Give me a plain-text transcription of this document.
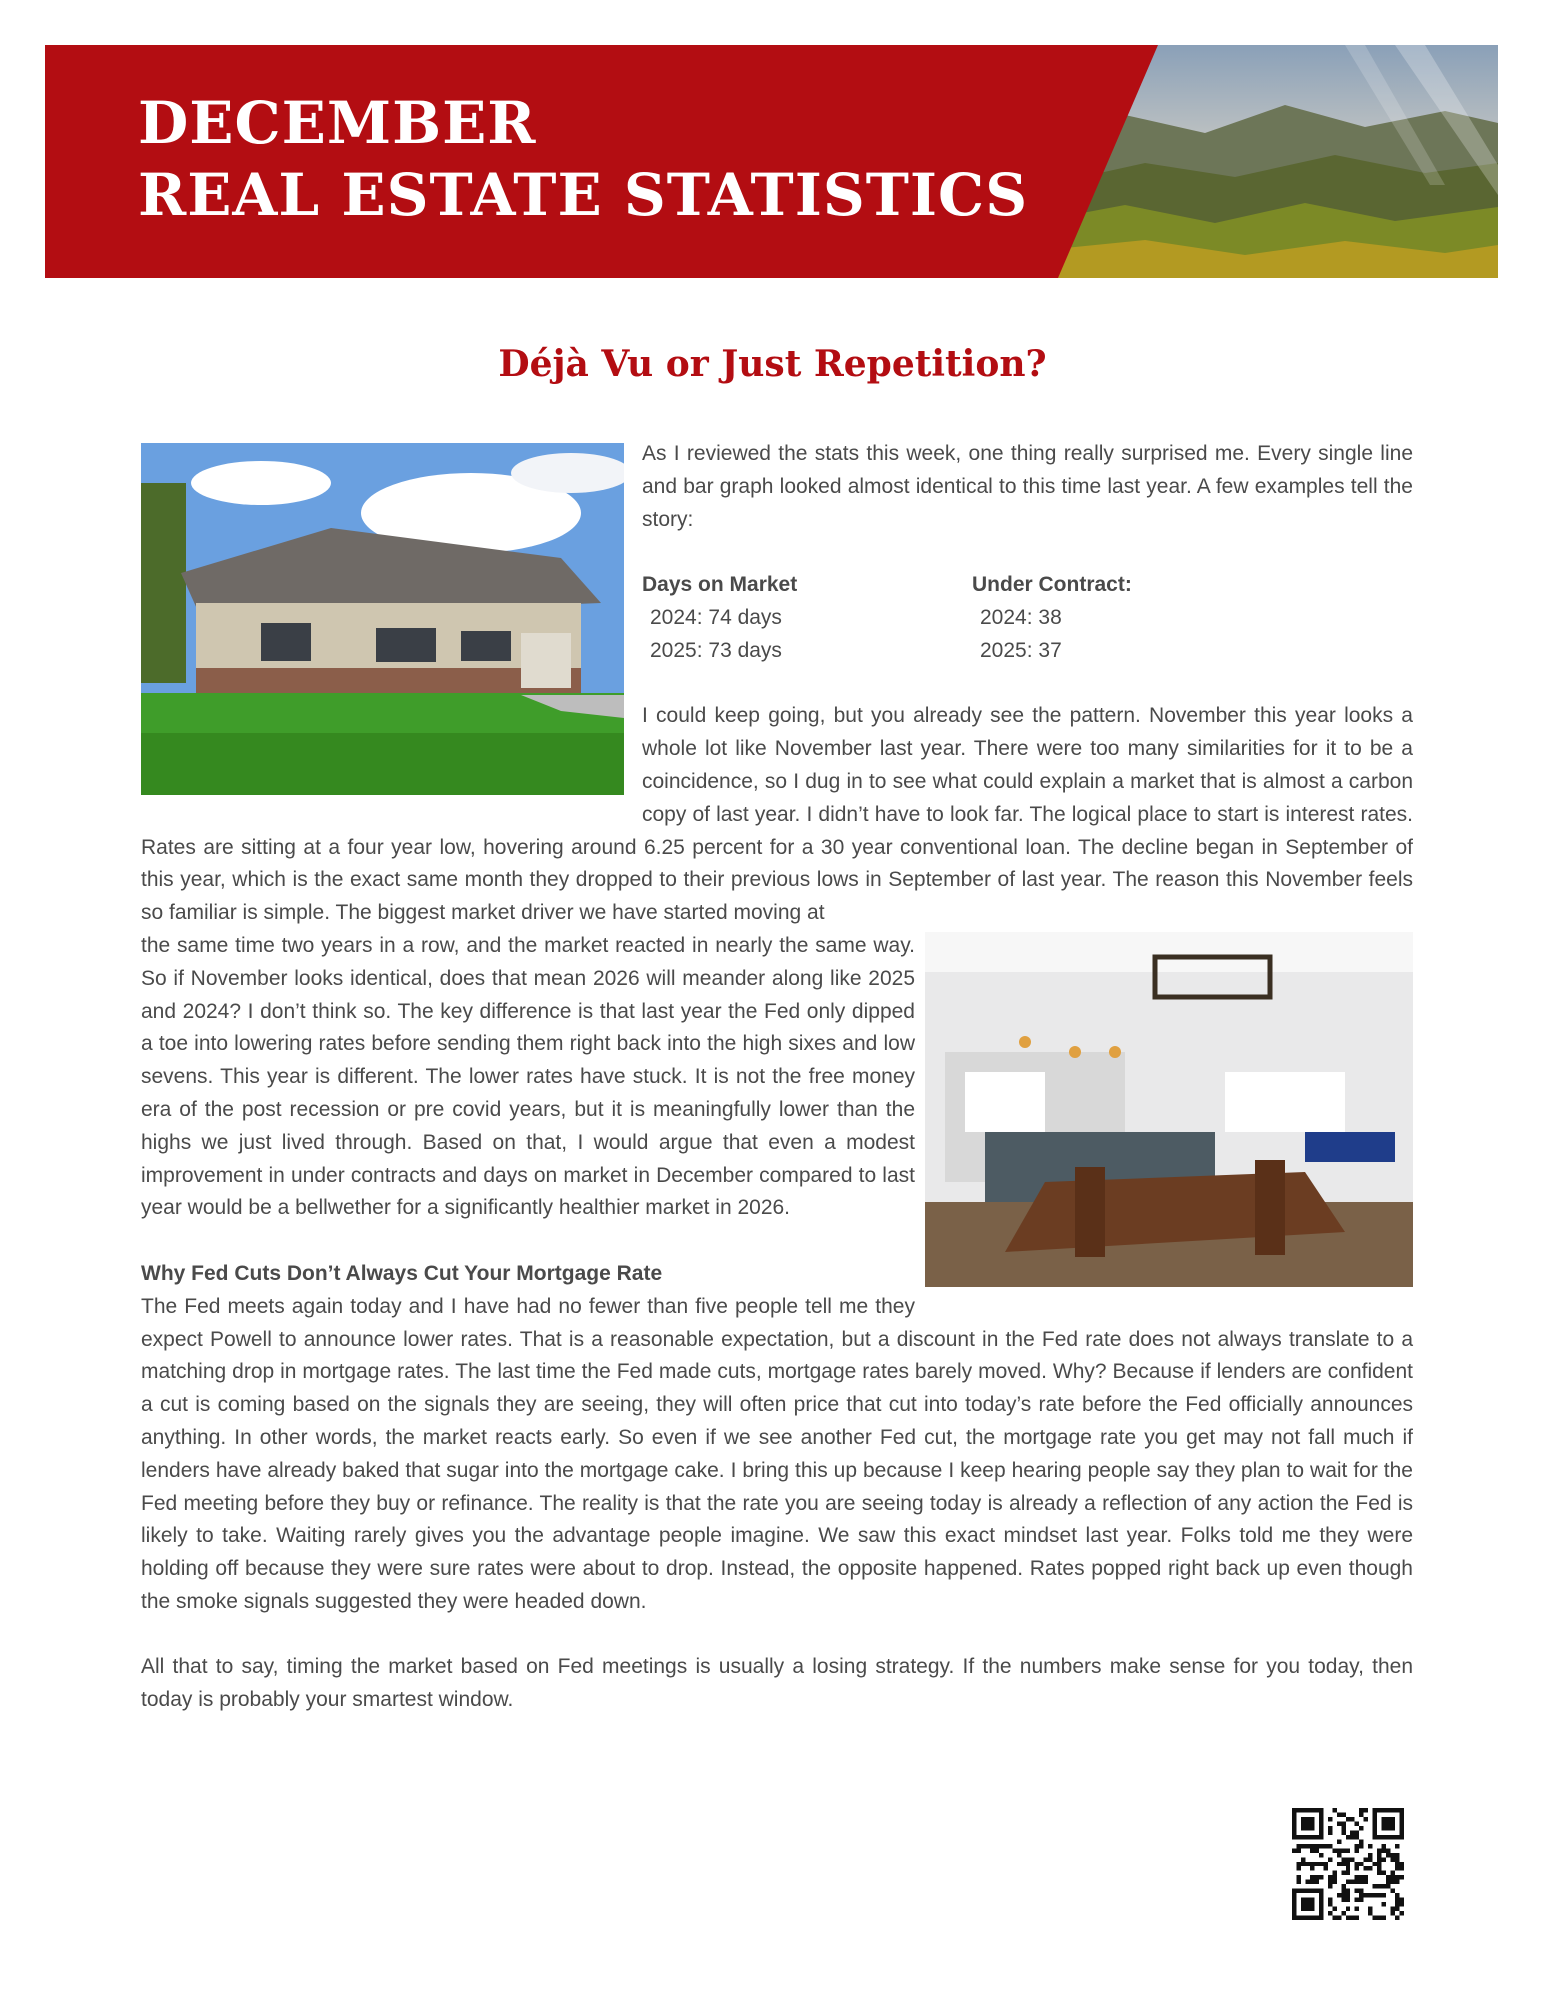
DECEMBER
REAL ESTATE STATISTICS
Déjà Vu or Just Repetition?

As I reviewed the stats this week, one thing really surprised me. Every single line and bar graph looked almost identical to this time last year. A few examples tell the story:

Days on Market
2024: 74 days
2025: 73 days
Under Contract:
2024: 38
2025: 37

I could keep going, but you already see the pattern. November this year looks a whole lot like November last year. There were too many similarities for it to be a coincidence, so I dug in to see what could explain a market that is almost a carbon copy of last year. I didn’t have to look far. The logical place to start is interest rates. Rates are sitting at a four year low, hovering around 6.25 percent for a 30 year conventional loan. The decline began in September of this year, which is the exact same month they dropped to their previous lows in September of last year. The reason this November feels so familiar is simple. The biggest market driver we have started moving at

the same time two years in a row, and the market reacted in nearly the same way. So if November looks identical, does that mean 2026 will meander along like 2025 and 2024? I don’t think so. The key difference is that last year the Fed only dipped a toe into lowering rates before sending them right back into the high sixes and low sevens. This year is different. The lower rates have stuck. It is not the free money era of the post recession or pre covid years, but it is meaningfully lower than the highs we just lived through. Based on that, I would argue that even a modest improvement in under contracts and days on market in December compared to last year would be a bellwether for a significantly healthier market in 2026.

Why Fed Cuts Don’t Always Cut Your Mortgage Rate

The Fed meets again today and I have had no fewer than five people tell me they expect Powell to announce lower rates. That is a reasonable expectation, but a discount in the Fed rate does not always translate to a matching drop in mortgage rates. The last time the Fed made cuts, mortgage rates barely moved. Why? Because if lenders are confident a cut is coming based on the signals they are seeing, they will often price that cut into today’s rate before the Fed officially announces anything. In other words, the market reacts early. So even if we see another Fed cut, the mortgage rate you get may not fall much if lenders have already baked that sugar into the mortgage cake. I bring this up because I keep hearing people say they plan to wait for the Fed meeting before they buy or refinance. The reality is that the rate you are seeing today is already a reflection of any action the Fed is likely to take. Waiting rarely gives you the advantage people imagine. We saw this exact mindset last year. Folks told me they were holding off because they were sure rates were about to drop. Instead, the opposite happened. Rates popped right back up even though the smoke signals suggested they were headed down.

All that to say, timing the market based on Fed meetings is usually a losing strategy. If the numbers make sense for you today, then today is probably your smartest window.
